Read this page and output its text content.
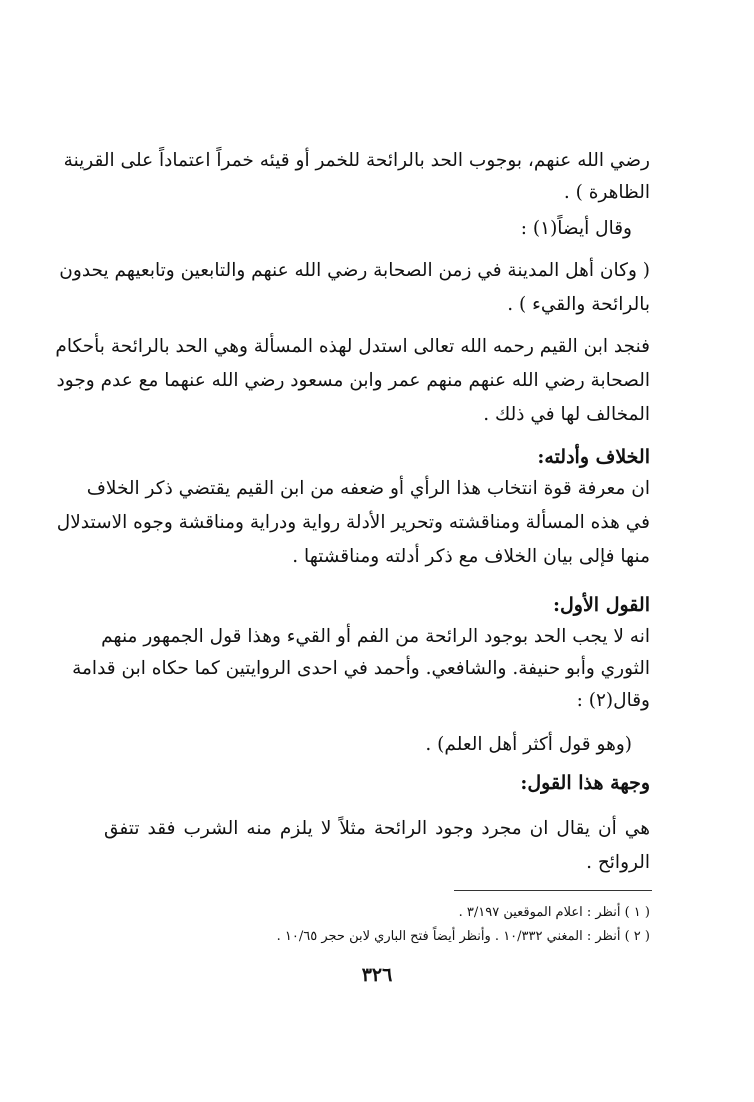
رضي الله عنهم، بوجوب الحد بالرائحة للخمر أو قيئه خمراً اعتماداً على القرينة
الظاهرة ) .
وقال أيضاً(١) :
( وكان أهل المدينة في زمن الصحابة رضي الله عنهم والتابعين وتابعيهم يحدون
بالرائحة والقيء ) .
فنجد ابن القيم رحمه الله تعالى استدل لهذه المسألة وهي الحد بالرائحة بأحكام
الصحابة رضي الله عنهم منهم عمر وابن مسعود رضي الله عنهما مع عدم وجود
المخالف لها في ذلك .
الخلاف وأدلته:
ان معرفة قوة انتخاب هذا الرأي أو ضعفه من ابن القيم يقتضي ذكر الخلاف
في هذه المسألة ومناقشته وتحرير الأدلة رواية ودراية ومناقشة وجوه الاستدلال
منها فإلى بيان الخلاف مع ذكر أدلته ومناقشتها .
القول الأول:
انه لا يجب الحد بوجود الرائحة من الفم أو القيء وهذا قول الجمهور منهم
الثوري وأبو حنيفة. والشافعي. وأحمد في احدى الروايتين كما حكاه ابن قدامة
وقال(٢) :
(وهو قول أكثر أهل العلم) .
وجهة هذا القول:
هي أن يقال ان مجرد وجود الرائحة مثلاً لا يلزم منه الشرب فقد تتفق
الروائح .
( ١ ) أنظر : اعلام الموقعين ٣/١٩٧ .
( ٢ ) أنظر : المغني ١٠/٣٣٢ . وأنظر أيضاً فتح الباري لابن حجر ١٠/٦٥ .
٣٢٦
